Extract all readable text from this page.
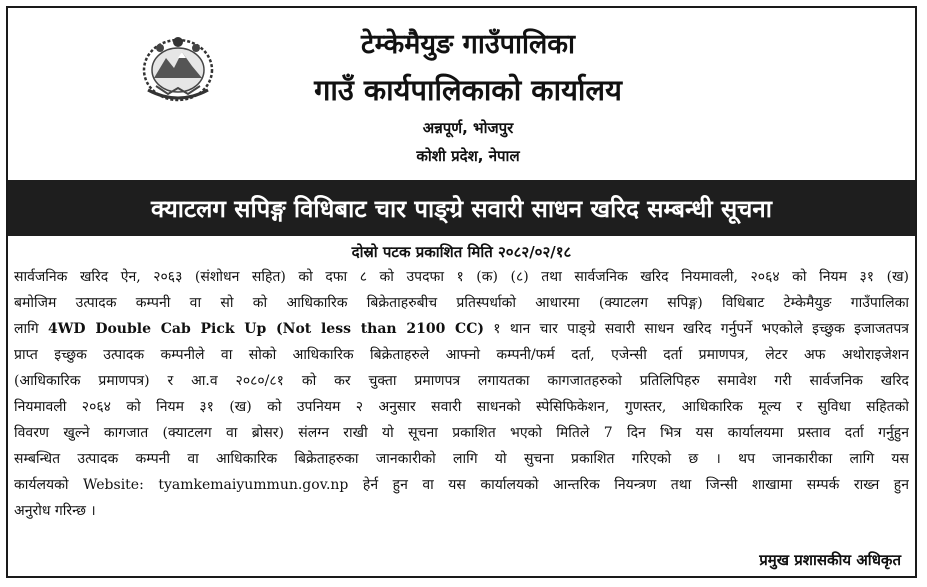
टेम्केमैयुङ गाउँपालिका
गाउँ कार्यपालिकाको कार्यालय
अन्नपूर्ण, भोजपुर
कोशी प्रदेश, नेपाल
क्याटलग सपिङ्ग विधिबाट चार पाङ्ग्रे सवारी साधन खरिद सम्बन्धी सूचना
दोस्रो पटक प्रकाशित मिति २०८२/०२/१८
सार्वजनिक खरिद ऐन, २०६३ (संशोधन सहित) को दफा ८ को उपदफा १ (क) (८) तथा सार्वजनिक खरिद नियमावली, २०६४ को नियम ३१ (ख)
बमोजिम उत्पादक कम्पनी वा सो को आधिकारिक बिक्रेताहरुबीच प्रतिस्पर्धाको आधारमा (क्याटलग सपिङ्ग) विधिबाट टेम्केमैयुङ गाउँपालिका
लागि 4WD Double Cab Pick Up (Not less than 2100 CC) १ थान चार पाङ्ग्रे सवारी साधन खरिद गर्नुपर्ने भएकोले इच्छुक इजाजतपत्र
प्राप्त इच्छुक उत्पादक कम्पनीले वा सोको आधिकारिक बिक्रेताहरुले आफ्नो कम्पनी/फर्म दर्ता, एजेन्सी दर्ता प्रमाणपत्र, लेटर अफ अथोराइजेशन
(आधिकारिक प्रमाणपत्र) र आ.व २०८०/८१ को कर चुक्ता प्रमाणपत्र लगायतका कागजातहरुको प्रतिलिपिहरु समावेश गरी सार्वजनिक खरिद
नियमावली २०६४ को नियम ३१ (ख) को उपनियम २ अनुसार सवारी साधनको स्पेसिफिकेशन, गुणस्तर, आधिकारिक मूल्य र सुविधा सहितको
विवरण खुल्ने कागजात (क्याटलग वा ब्रोसर) संलग्न राखी यो सूचना प्रकाशित भएको मितिले 7 दिन भित्र यस कार्यालयमा प्रस्ताव दर्ता गर्नुहुन
सम्बन्धित उत्पादक कम्पनी वा आधिकारिक बिक्रेताहरुका जानकारीको लागि यो सुचना प्रकाशित गरिएको छ । थप जानकारीका लागि यस
कार्यलयको Website: tyamkemaiyummun.gov.np हेर्न हुन वा यस कार्यालयको आन्तरिक नियन्त्रण तथा जिन्सी शाखामा सम्पर्क राख्न हुन
अनुरोध गरिन्छ ।
प्रमुख प्रशासकीय अधिकृत
